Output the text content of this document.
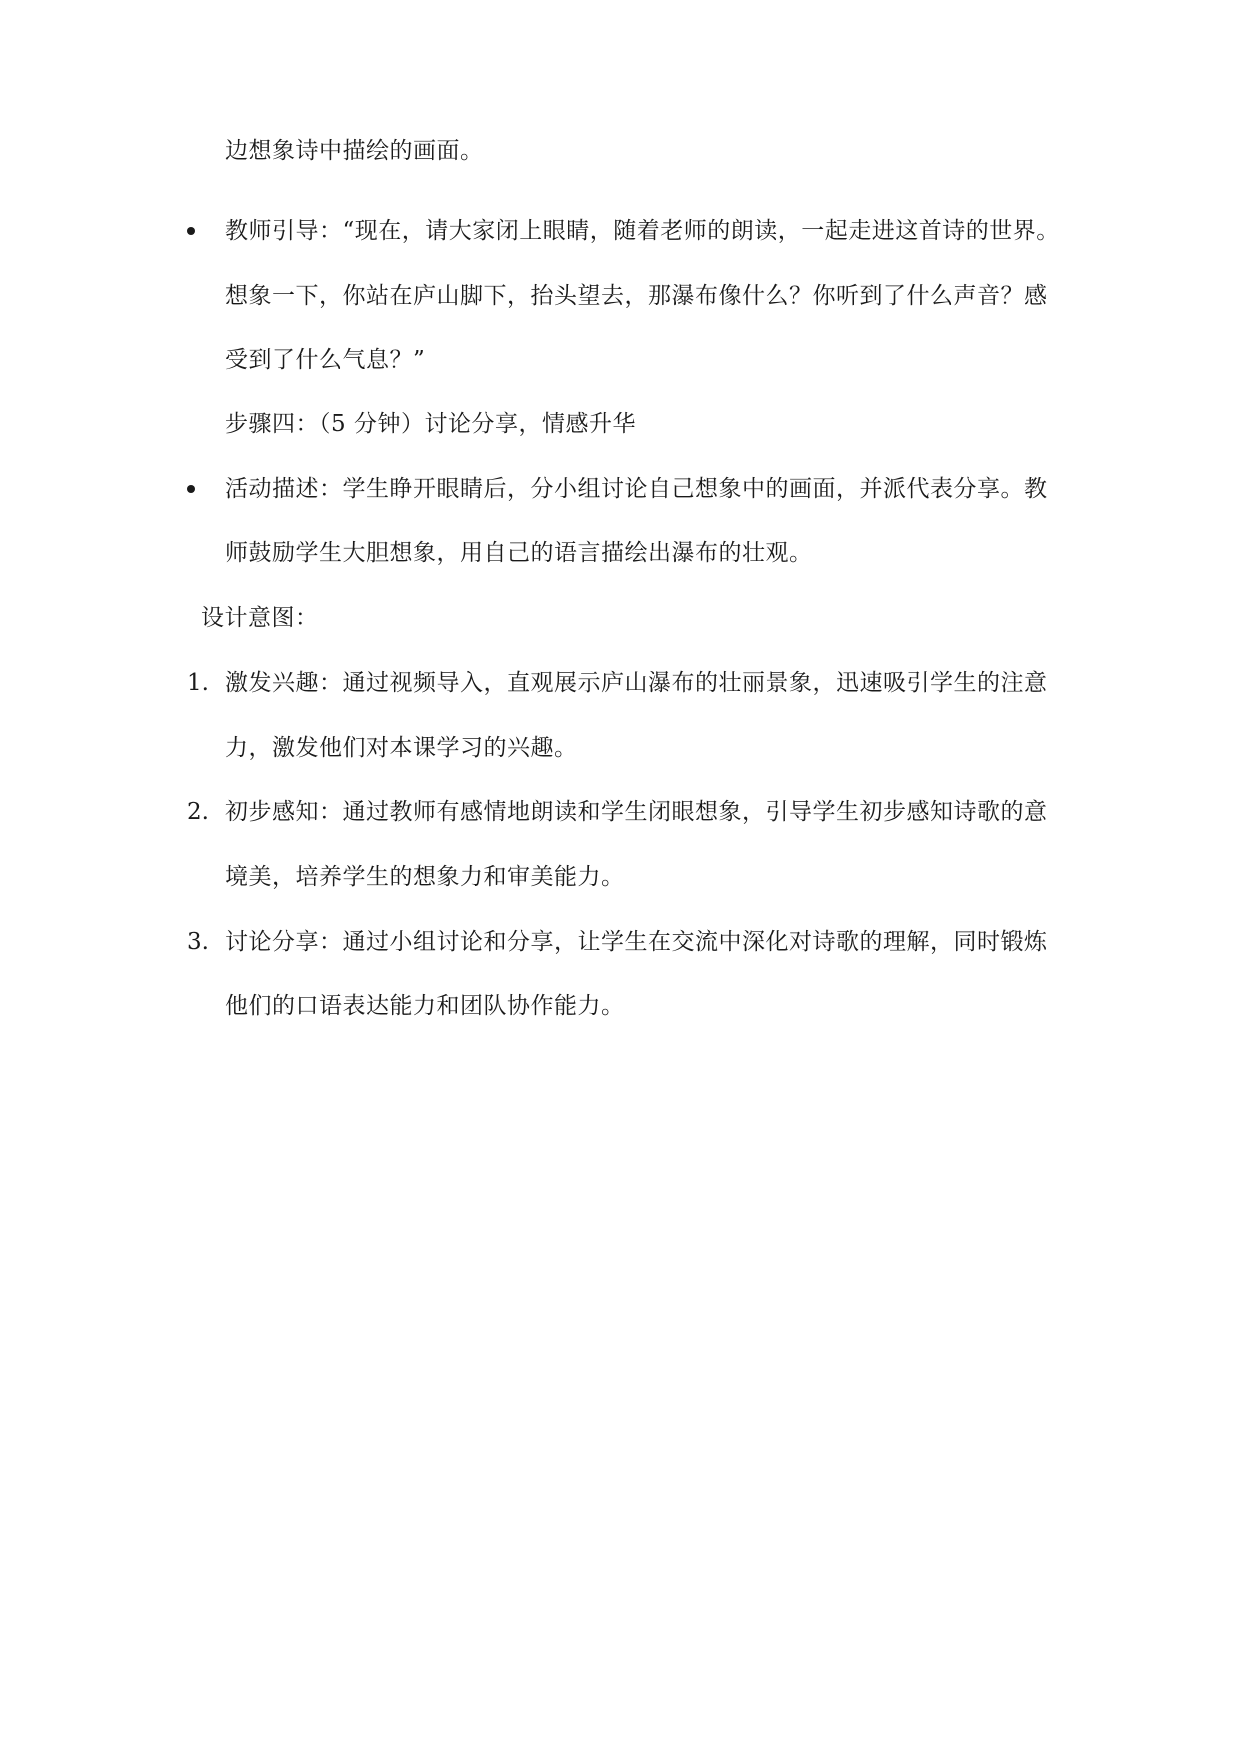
边想象诗中描绘的画面。
教师引导：“现在，请大家闭上眼睛，随着老师的朗读，一起走进这首诗的世界。
想象一下，你站在庐山脚下，抬头望去，那瀑布像什么？你听到了什么声音？感
受到了什么气息？”
步骤四：（5 分钟）讨论分享，情感升华
活动描述：学生睁开眼睛后，分小组讨论自己想象中的画面，并派代表分享。教
师鼓励学生大胆想象，用自己的语言描绘出瀑布的壮观。
设计意图：
1. 激发兴趣：通过视频导入，直观展示庐山瀑布的壮丽景象，迅速吸引学生的注意
力，激发他们对本课学习的兴趣。
2. 初步感知：通过教师有感情地朗读和学生闭眼想象，引导学生初步感知诗歌的意
境美，培养学生的想象力和审美能力。
3. 讨论分享：通过小组讨论和分享，让学生在交流中深化对诗歌的理解，同时锻炼
他们的口语表达能力和团队协作能力。
